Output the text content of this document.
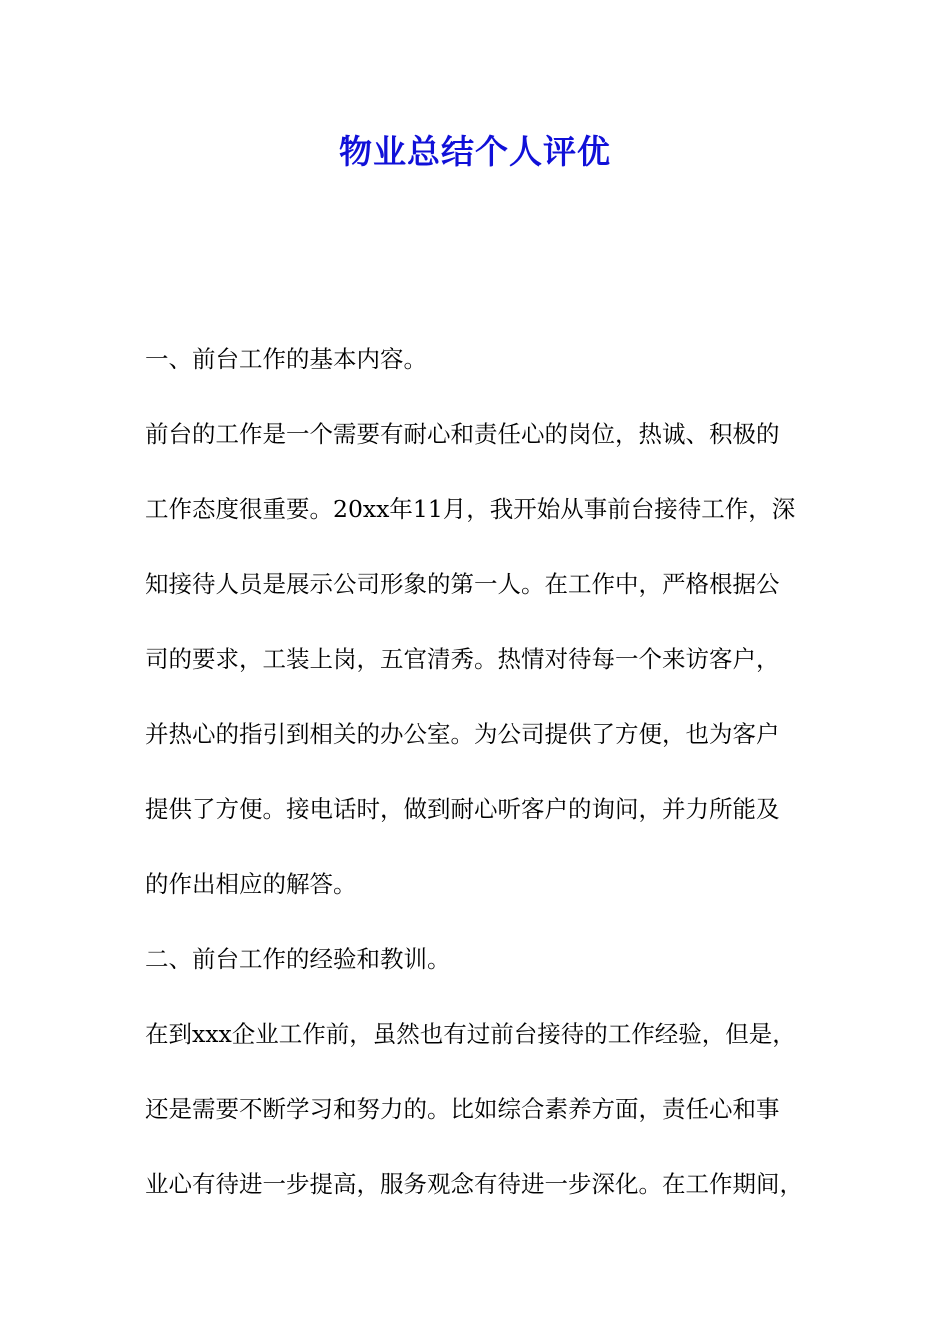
物业总结个人评优
一、前台工作的基本内容。
前台的工作是一个需要有耐心和责任心的岗位，热诚、积极的
工作态度很重要。20xx年11月，我开始从事前台接待工作，深
知接待人员是展示公司形象的第一人。在工作中，严格根据公
司的要求，工装上岗，五官清秀。热情对待每一个来访客户，
并热心的指引到相关的办公室。为公司提供了方便，也为客户
提供了方便。接电话时，做到耐心听客户的询问，并力所能及
的作出相应的解答。
二、前台工作的经验和教训。
在到xxx企业工作前，虽然也有过前台接待的工作经验，但是，
还是需要不断学习和努力的。比如综合素养方面，责任心和事
业心有待进一步提高，服务观念有待进一步深化。在工作期间，
